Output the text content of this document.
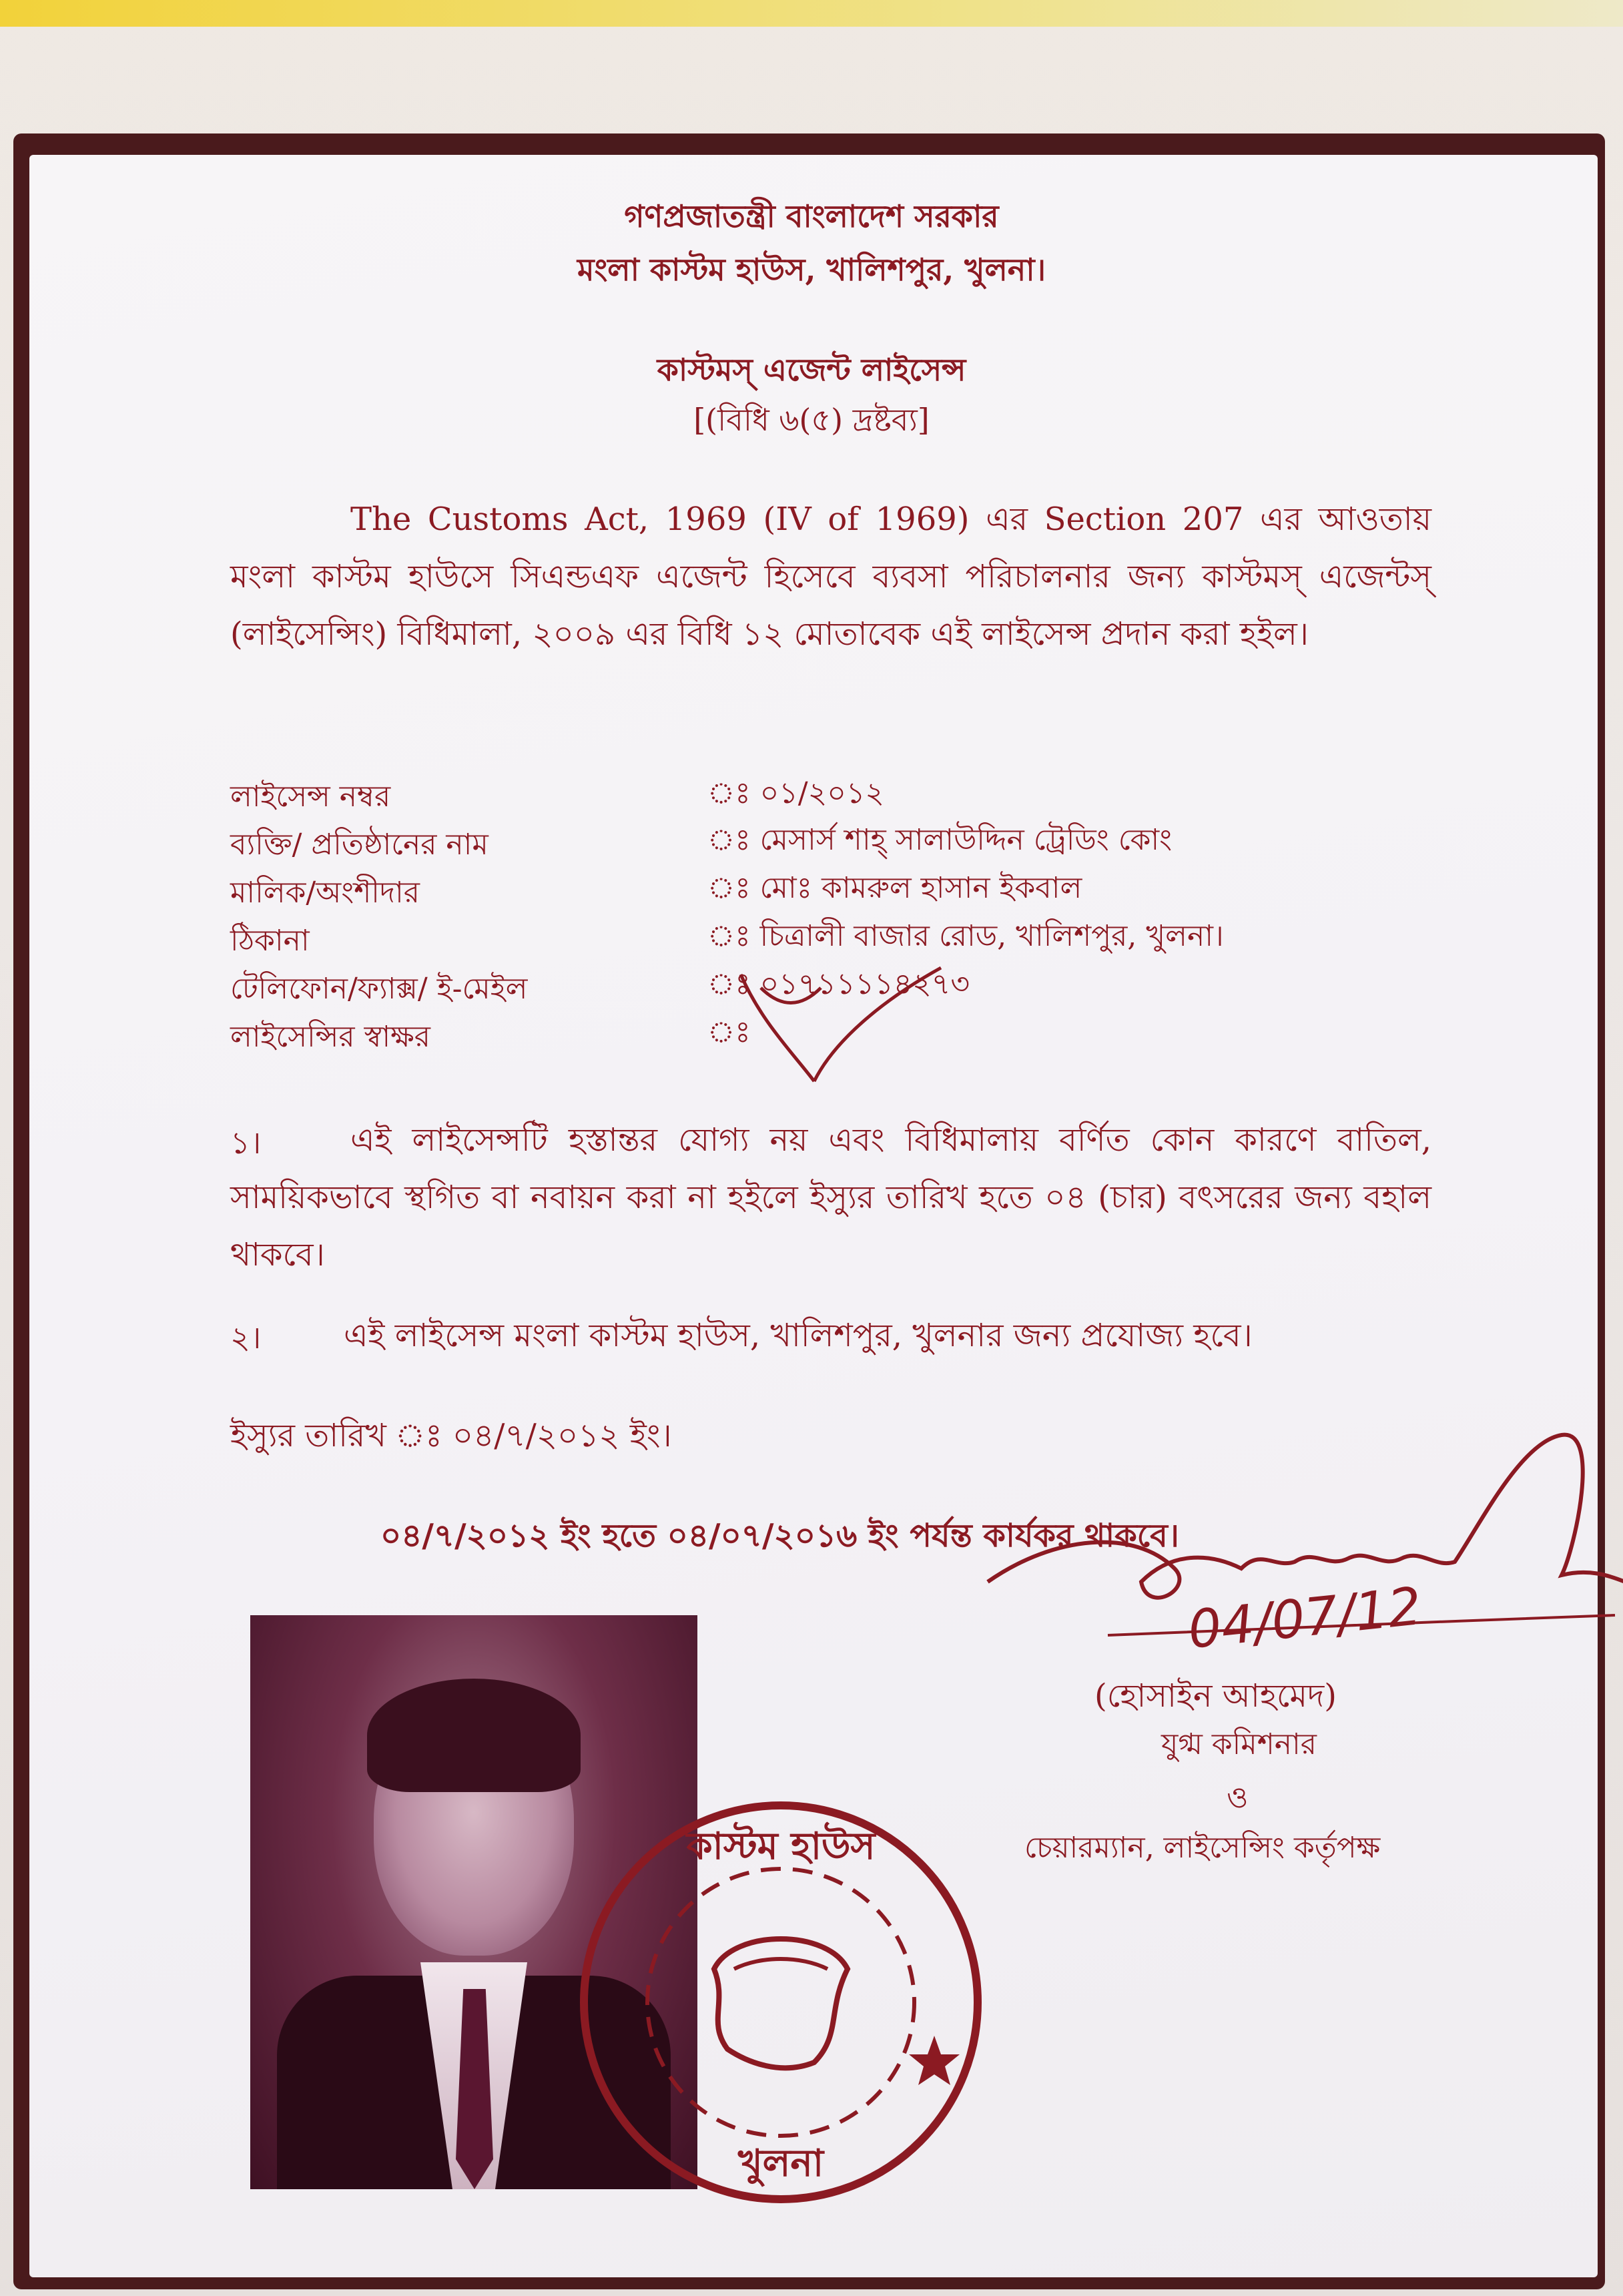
গণপ্রজাতন্ত্রী বাংলাদেশ সরকার
মংলা কাস্টম হাউস, খালিশপুর, খুলনা।
কাস্টমস্ এজেন্ট লাইসেন্স
[(বিধি ৬(৫) দ্রষ্টব্য]
The Customs Act, 1969 (IV of 1969) এর Section 207 এর আওতায় মংলা কাস্টম হাউসে সিএন্ডএফ এজেন্ট হিসেবে ব্যবসা পরিচালনার জন্য কাস্টমস্ এজেন্টস্ (লাইসেন্সিং) বিধিমালা, ২০০৯ এর বিধি ১২ মোতাবেক এই লাইসেন্স প্রদান করা হইল।
লাইসেন্স নম্বর	ঃ ০১/২০১২
ব্যক্তি/ প্রতিষ্ঠানের নাম	ঃ মেসার্স শাহ্ সালাউদ্দিন ট্রেডিং কোং
মালিক/অংশীদার	ঃ মোঃ কামরুল হাসান ইকবাল
ঠিকানা	ঃ চিত্রালী বাজার রোড, খালিশপুর, খুলনা।
টেলিফোন/ফ্যাক্স/ ই-মেইল	ঃ ০১৭১১১১৪২৭৩
লাইসেন্সির স্বাক্ষর	ঃ
১।	এই লাইসেন্সটি হস্তান্তর যোগ্য নয় এবং বিধিমালায় বর্ণিত কোন কারণে বাতিল, সাময়িকভাবে স্থগিত বা নবায়ন করা না হইলে ইস্যুর তারিখ হতে ০৪ (চার) বৎসরের জন্য বহাল থাকবে।
২।	এই লাইসেন্স মংলা কাস্টম হাউস, খালিশপুর, খুলনার জন্য প্রযোজ্য হবে।
ইস্যুর তারিখ ঃ ০৪/৭/২০১২ ইং।
০৪/৭/২০১২ ইং হতে ০৪/০৭/২০১৬ ইং পর্যন্ত কার্যকর থাকবে।
04/07/12
(হোসাইন আহমেদ)
যুগ্ম কমিশনার
ও
চেয়ারম্যান, লাইসেন্সিং কর্তৃপক্ষ
কাস্টম হাউস
খুলনা
